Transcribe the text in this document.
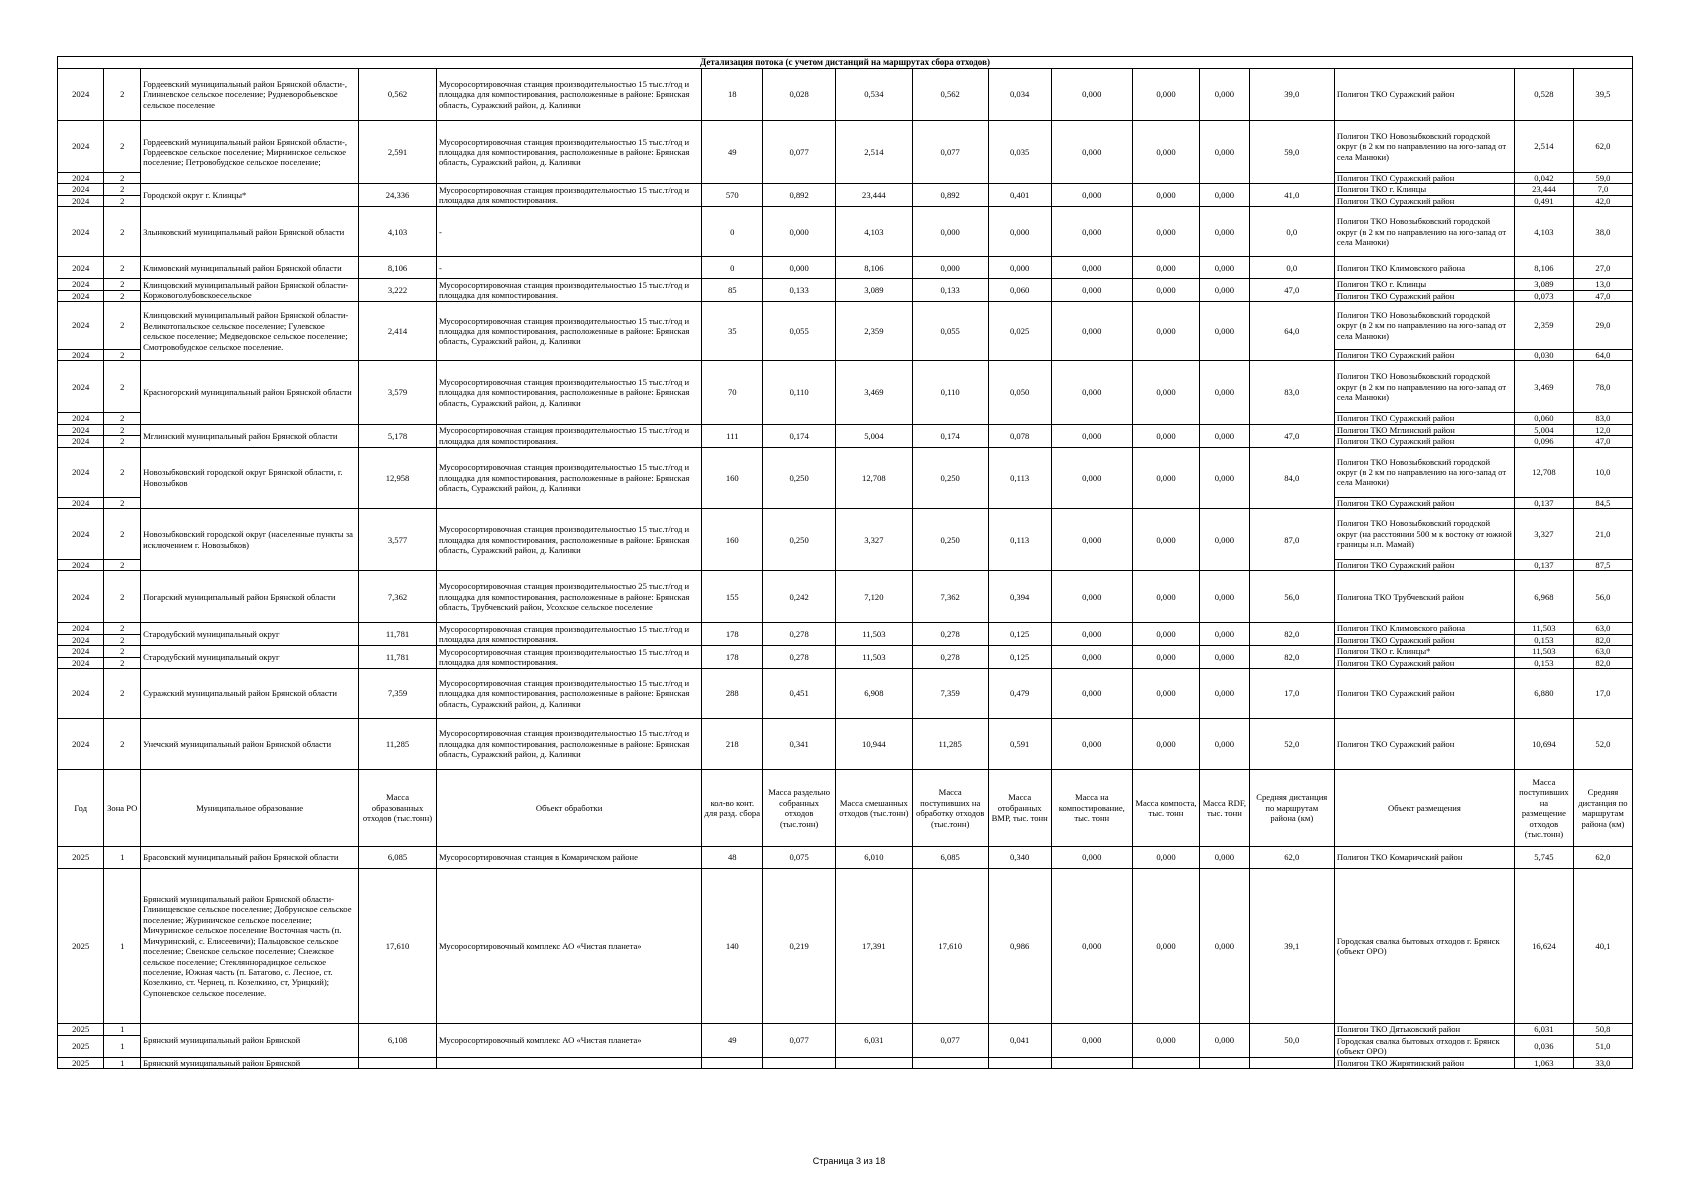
Детализация потока (с учетом дистанций на маршрутах сбора отходов)																
2024	2	Гордеевский муниципальный район Брянской области-, Глинневское сельское поселение; Рудневоробьевское сельское поселение	0,562	Мусоросортировочная станция производительностью 15 тыс.т/год и площадка для компостирования, расположенные в районе: Брянская область, Суражский район, д. Калинки	18	0,028	0,534	0,562	0,034	0,000	0,000	0,000	39,0	Полигон ТКО Суражский район	0,528	39,5
2024	2	Гордеевский муниципальный район Брянской области-, Гордеевское сельское поселение; Мирнинское сельское поселение; Петровобудское сельское поселение;	2,591	Мусоросортировочная станция производительностью 15 тыс.т/год и площадка для компостирования, расположенные в районе: Брянская область, Суражский район, д. Калинки	49	0,077	2,514	0,077	0,035	0,000	0,000	0,000	59,0	Полигон ТКО Новозыбковский городской округ (в 2 км по направлению на юго-запад от села Манюки)	2,514	62,0
2024	2													Полигон ТКО Суражский район	0,042	59,0
2024	2	Городской округ г. Клинцы*	24,336	Мусоросортировочная станция производительностью 15 тыс.т/год и площадка для компостирования.	570	0,892	23,444	0,892	0,401	0,000	0,000	0,000	41,0	Полигон ТКО г. Клинцы	23,444	7,0
2024	2													Полигон ТКО Суражский район	0,491	42,0
2024	2	Злынковский муниципальный район Брянской области	4,103	-	0	0,000	4,103	0,000	0,000	0,000	0,000	0,000	0,0	Полигон ТКО Новозыбковский городской округ (в 2 км по направлению на юго-запад от села Манюки)	4,103	38,0
2024	2	Климовский муниципальный район Брянской области	8,106	-	0	0,000	8,106	0,000	0,000	0,000	0,000	0,000	0,0	Полигон ТКО Климовского района	8,106	27,0
2024	2	Клинцовский муниципальный район Брянской области-Коржовоголубовскоесельское	3,222	Мусоросортировочная станция производительностью 15 тыс.т/год и площадка для компостирования.	85	0,133	3,089	0,133	0,060	0,000	0,000	0,000	47,0	Полигон ТКО г. Клинцы	3,089	13,0
2024	2													Полигон ТКО Суражский район	0,073	47,0
2024	2	Клинцовский муниципальный район Брянской области- Великотопальское сельское поселение; Гулевское сельское поселение; Медведовское сельское поселение; Смотровобудское сельское поселение.	2,414	Мусоросортировочная станция производительностью 15 тыс.т/год и площадка для компостирования, расположенные в районе: Брянская область, Суражский район, д. Калинки	35	0,055	2,359	0,055	0,025	0,000	0,000	0,000	64,0	Полигон ТКО Новозыбковский городской округ (в 2 км по направлению на юго-запад от села Манюки)	2,359	29,0
2024	2													Полигон ТКО Суражский район	0,030	64,0
2024	2	Красногорский муниципальный район Брянской области	3,579	Мусоросортировочная станция производительностью 15 тыс.т/год и площадка для компостирования, расположенные в районе: Брянская область, Суражский район, д. Калинки	70	0,110	3,469	0,110	0,050	0,000	0,000	0,000	83,0	Полигон ТКО Новозыбковский городской округ (в 2 км по направлению на юго-запад от села Манюки)	3,469	78,0
2024	2													Полигон ТКО Суражский район	0,060	83,0
2024	2	Мглинский муниципальный район Брянской области	5,178	Мусоросортировочная станция производительностью 15 тыс.т/год и площадка для компостирования.	111	0,174	5,004	0,174	0,078	0,000	0,000	0,000	47,0	Полигон ТКО Мглинский район	5,004	12,0
2024	2													Полигон ТКО Суражский район	0,096	47,0
2024	2	Новозыбковский городской округ Брянской области, г. Новозыбков	12,958	Мусоросортировочная станция производительностью 15 тыс.т/год и площадка для компостирования, расположенные в районе: Брянская область, Суражский район, д. Калинки	160	0,250	12,708	0,250	0,113	0,000	0,000	0,000	84,0	Полигон ТКО Новозыбковский городской округ (в 2 км по направлению на юго-запад от села Манюки)	12,708	10,0
2024	2													Полигон ТКО Суражский район	0,137	84,5
2024	2	Новозыбковский городской округ (населенные пункты за исключением г. Новозыбков)	3,577	Мусоросортировочная станция производительностью 15 тыс.т/год и площадка для компостирования, расположенные в районе: Брянская область, Суражский район, д. Калинки	160	0,250	3,327	0,250	0,113	0,000	0,000	0,000	87,0	Полигон ТКО Новозыбковский городской округ (на расстоянии 500 м к востоку от южной границы н.п. Мамай)	3,327	21,0
2024	2													Полигон ТКО Суражский район	0,137	87,5
2024	2	Погарский муниципальный район Брянской области	7,362	Мусоросортировочная станция производительностью 25 тыс.т/год и площадка для компостирования, расположенные в районе: Брянская область, Трубчевский район, Усохское сельское поселение	155	0,242	7,120	7,362	0,394	0,000	0,000	0,000	56,0	Полигона ТКО Трубчевский район	6,968	56,0
2024	2	Стародубский муниципальный округ	11,781	Мусоросортировочная станция производительностью 15 тыс.т/год и площадка для компостирования.	178	0,278	11,503	0,278	0,125	0,000	0,000	0,000	82,0	Полигон ТКО Климовского района	11,503	63,0
2024	2													Полигон ТКО Суражский район	0,153	82,0
2024	2	Стародубский муниципальный округ	11,781	Мусоросортировочная станция производительностью 15 тыс.т/год и площадка для компостирования.	178	0,278	11,503	0,278	0,125	0,000	0,000	0,000	82,0	Полигон ТКО г. Клинцы*	11,503	63,0
2024	2													Полигон ТКО Суражский район	0,153	82,0
2024	2	Суражский муниципальный район Брянской области	7,359	Мусоросортировочная станция производительностью 15 тыс.т/год и площадка для компостирования, расположенные в районе: Брянская область, Суражский район, д. Калинки	288	0,451	6,908	7,359	0,479	0,000	0,000	0,000	17,0	Полигон ТКО Суражский район	6,880	17,0
2024	2	Унечский муниципальный район Брянской области	11,285	Мусоросортировочная станция производительностью 15 тыс.т/год и площадка для компостирования, расположенные в районе: Брянская область, Суражский район, д. Калинки	218	0,341	10,944	11,285	0,591	0,000	0,000	0,000	52,0	Полигон ТКО Суражский район	10,694	52,0
Год	Зона РО	Муниципальное образование	Масса образованных отходов (тыс.тонн)	Объект обработки	кол-во конт. для разд. сбора	Масса раздельно собранных отходов (тыс.тонн)	Масса смешанных отходов (тыс.тонн)	Масса поступивших на обработку отходов (тыс.тонн)	Масса отобранных ВМР, тыс. тонн	Масса на компостирование, тыс. тонн	Масса компоста, тыс. тонн	Масса RDF, тыс. тонн	Средняя дистанция по маршрутам района (км)	Объект размещения	Масса поступивших на размещение отходов (тыс.тонн)	Средняя дистанция по маршрутам района (км)
2025	1	Брасовский муниципальный район Брянской области	6,085	Мусоросортировочная станция в Комаричском районе	48	0,075	6,010	6,085	0,340	0,000	0,000	0,000	62,0	Полигон ТКО Комаричский район	5,745	62,0
2025	1	Брянский муниципальный район Брянской области- Глинищевское сельское поселение; Добрунское сельское поселение; Журиничское сельское поселение; Мичуринское сельское поселение Восточная часть (п. Мичуринский, с. Елисеевичи); Пальцовское сельское поселение; Свенское сельское поселение; Снежское сельское поселение; Стекляннорадицкое сельское поселение, Южная часть (п. Батагово, с. Лесное, ст. Козелкино, ст. Чернец, п. Козелкино, ст, Урицкий); Супоневское сельское поселение.	17,610	Мусоросортировочный комплекс АО «Чистая планета»	140	0,219	17,391	17,610	0,986	0,000	0,000	0,000	39,1	Городская свалка бытовых отходов г. Брянск (объект ОРО)	16,624	40,1
2025	1	Брянский муниципальный район Брянской	6,108	Мусоросортировочный комплекс АО «Чистая планета»	49	0,077	6,031	0,077	0,041	0,000	0,000	0,000	50,0	Полигон ТКО Дятьковский район	6,031	50,8
2025	1													Городская свалка бытовых отходов г. Брянск (объект ОРО)	0,036	51,0
2025	1	Брянский муниципальный район Брянской												Полигон ТКО Жирятинский район	1,063	33,0
Страница 3 из 18
